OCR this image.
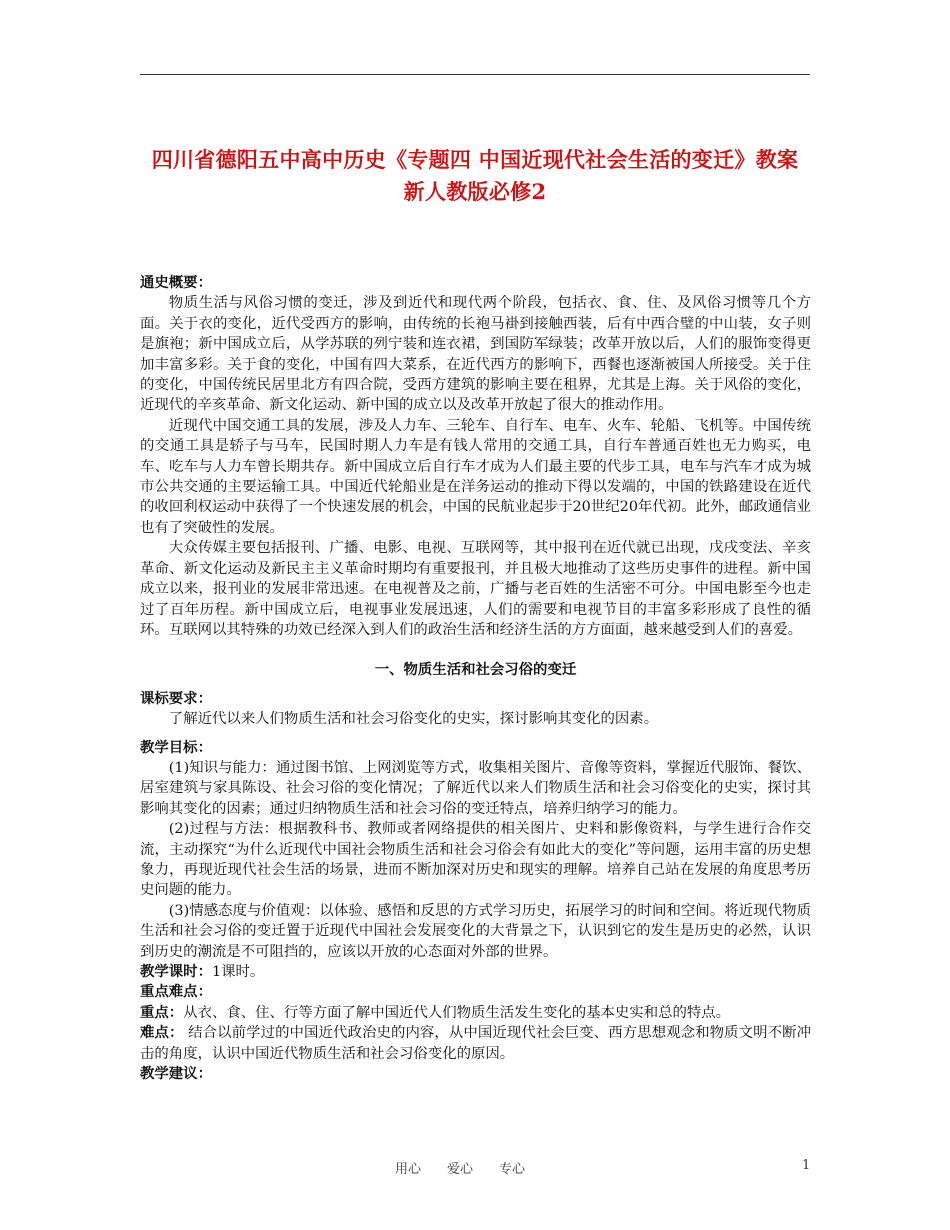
四川省德阳五中高中历史《专题四 中国近现代社会生活的变迁》教案
新人教版必修2

通史概要：

物质生活与风俗习惯的变迁，涉及到近代和现代两个阶段，包括衣、食、住、及风俗习惯等几个方面。关于衣的变化，近代受西方的影响，由传统的长袍马褂到接触西装，后有中西合璧的中山装，女子则是旗袍；新中国成立后，从学苏联的列宁装和连衣裙，到国防军绿装；改革开放以后，人们的服饰变得更加丰富多彩。关于食的变化，中国有四大菜系，在近代西方的影响下，西餐也逐渐被国人所接受。关于住的变化，中国传统民居里北方有四合院，受西方建筑的影响主要在租界，尤其是上海。关于风俗的变化，近现代的辛亥革命、新文化运动、新中国的成立以及改革开放起了很大的推动作用。

近现代中国交通工具的发展，涉及人力车、三轮车、自行车、电车、火车、轮船、飞机等。中国传统的交通工具是轿子与马车，民国时期人力车是有钱人常用的交通工具，自行车普通百姓也无力购买，电车、吃车与人力车曾长期共存。新中国成立后自行车才成为人们最主要的代步工具，电车与汽车才成为城市公共交通的主要运输工具。中国近代轮船业是在洋务运动的推动下得以发端的，中国的铁路建设在近代的收回利权运动中获得了一个快速发展的机会，中国的民航业起步于20世纪20年代初。此外，邮政通信业也有了突破性的发展。

大众传媒主要包括报刊、广播、电影、电视、互联网等，其中报刊在近代就已出现，戊戌变法、辛亥革命、新文化运动及新民主主义革命时期均有重要报刊，并且极大地推动了这些历史事件的进程。新中国成立以来，报刊业的发展非常迅速。在电视普及之前，广播与老百姓的生活密不可分。中国电影至今也走过了百年历程。新中国成立后，电视事业发展迅速，人们的需要和电视节目的丰富多彩形成了良性的循环。互联网以其特殊的功效已经深入到人们的政治生活和经济生活的方方面面，越来越受到人们的喜爱。

一、物质生活和社会习俗的变迁

课标要求：

了解近代以来人们物质生活和社会习俗变化的史实，探讨影响其变化的因素。

教学目标：

(1)知识与能力：通过图书馆、上网浏览等方式，收集相关图片、音像等资料，掌握近代服饰、餐饮、居室建筑与家具陈设、社会习俗的变化情况；了解近代以来人们物质生活和社会习俗变化的史实，探讨其影响其变化的因素；通过归纳物质生活和社会习俗的变迁特点，培养归纳学习的能力。

(2)过程与方法：根据教科书、教师或者网络提供的相关图片、史料和影像资料，与学生进行合作交流，主动探究“为什么近现代中国社会物质生活和社会习俗会有如此大的变化”等问题，运用丰富的历史想象力，再现近现代社会生活的场景，进而不断加深对历史和现实的理解。培养自己站在发展的角度思考历史问题的能力。

(3)情感态度与价值观：以体验、感悟和反思的方式学习历史，拓展学习的时间和空间。将近现代物质生活和社会习俗的变迁置于近现代中国社会发展变化的大背景之下，认识到它的发生是历史的必然，认识到历史的潮流是不可阻挡的，应该以开放的心态面对外部的世界。

教学课时：1课时。

重点难点：

重点：从衣、食、住、行等方面了解中国近代人们物质生活发生变化的基本史实和总的特点。

难点： 结合以前学过的中国近代政治史的内容，从中国近现代社会巨变、西方思想观念和物质文明不断冲击的角度，认识中国近代物质生活和社会习俗变化的原因。

教学建议：

用心 爱心 专心	1
